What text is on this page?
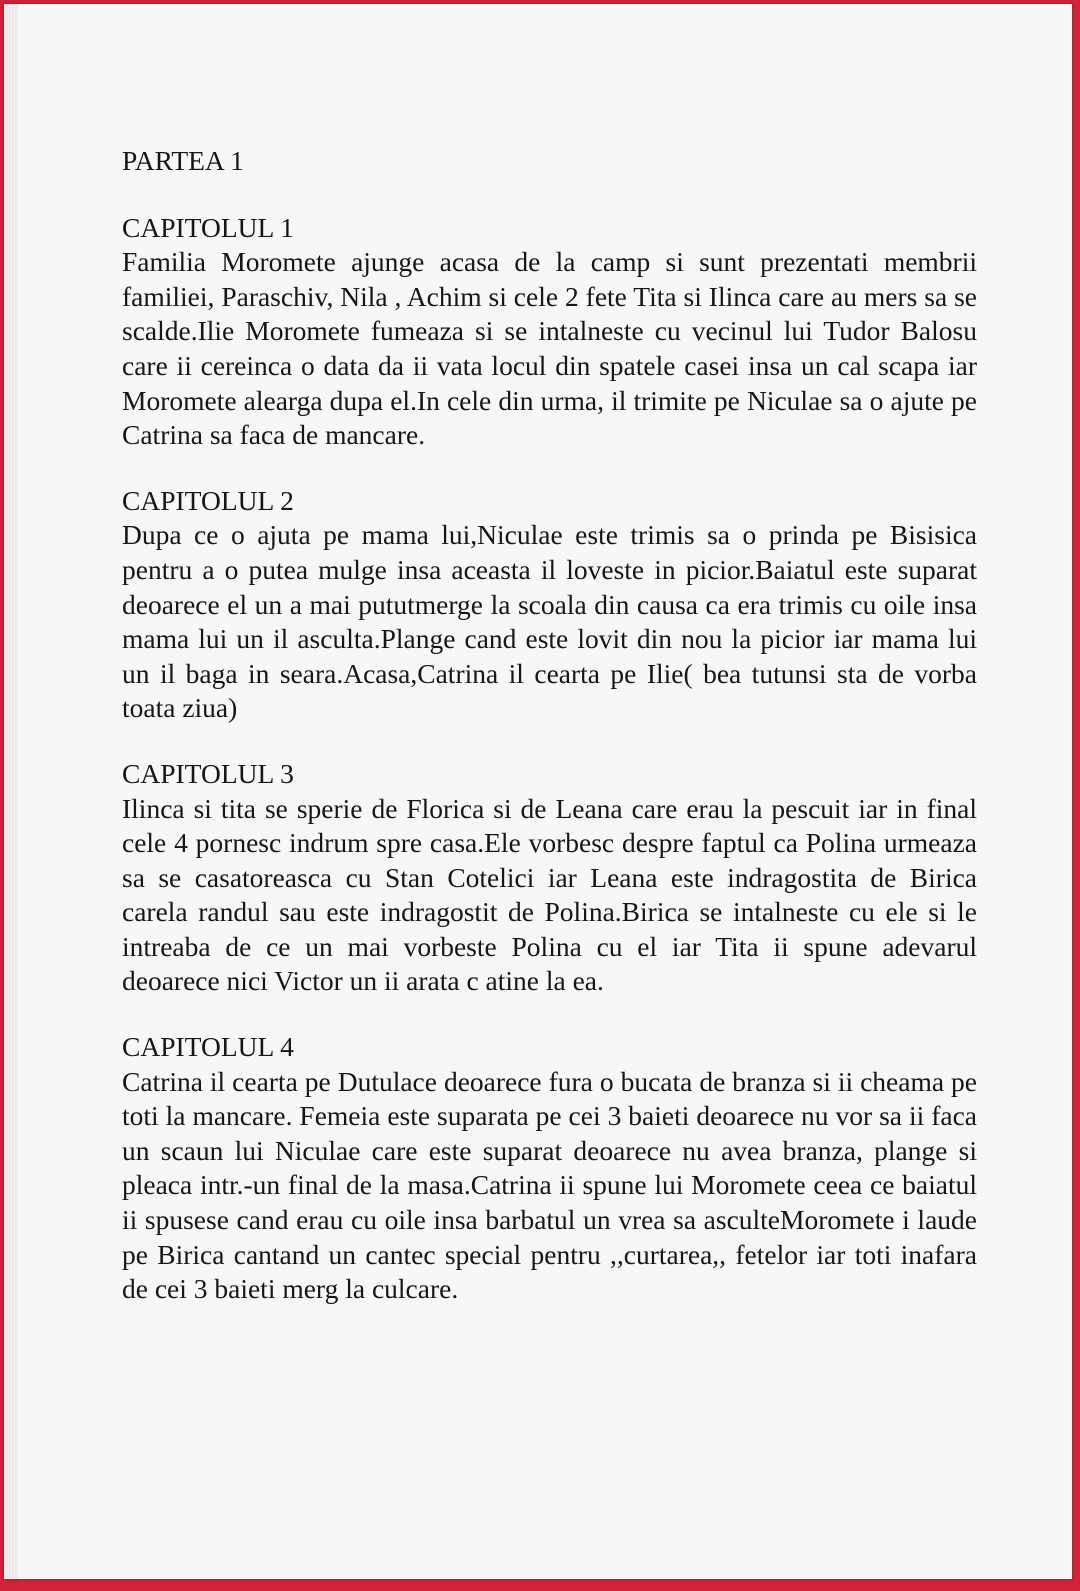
PARTEA 1
CAPITOLUL 1

Familia Moromete ajunge acasa de la camp si sunt prezentati membrii familiei, Paraschiv, Nila , Achim si cele 2 fete Tita si Ilinca care au mers sa se scalde.Ilie Moromete fumeaza si se intalneste cu vecinul lui Tudor Balosu care ii cereinca o data da ii vata locul din spatele casei insa un cal scapa iar Moromete alearga dupa el.In cele din urma, il trimite pe Niculae sa o ajute pe Catrina sa faca de mancare.

CAPITOLUL 2

Dupa ce o ajuta pe mama lui,Niculae este trimis sa o prinda pe Bisisica pentru a o putea mulge insa aceasta il loveste in picior.Baiatul este suparat deoarece el un a mai pututmerge la scoala din causa ca era trimis cu oile insa mama lui un il asculta.Plange cand este lovit din nou la picior iar mama lui un il baga in seara.Acasa,Catrina il cearta pe Ilie( bea tutunsi sta de vorba toata ziua)

CAPITOLUL 3

Ilinca si tita se sperie de Florica si de Leana care erau la pescuit iar in final cele 4 pornesc indrum spre casa.Ele vorbesc despre faptul ca Polina urmeaza sa se casatoreasca cu Stan Cotelici iar Leana este indragostita de Birica carela randul sau este indragostit de Polina.Birica se intalneste cu ele si le intreaba de ce un mai vorbeste Polina cu el iar Tita ii spune adevarul deoarece nici Victor un ii arata c atine la ea.

CAPITOLUL 4

Catrina il cearta pe Dutulace deoarece fura o bucata de branza si ii cheama pe toti la mancare. Femeia este suparata pe cei 3 baieti deoarece nu vor sa ii faca un scaun lui Niculae care este suparat deoarece nu avea branza, plange si pleaca intr.-un final de la masa.Catrina ii spune lui Moromete ceea ce baiatul ii spusese cand erau cu oile insa barbatul un vrea sa asculteMoromete i laude pe Birica cantand un cantec special pentru ,,curtarea,, fetelor iar toti inafara de cei 3 baieti merg la culcare.
